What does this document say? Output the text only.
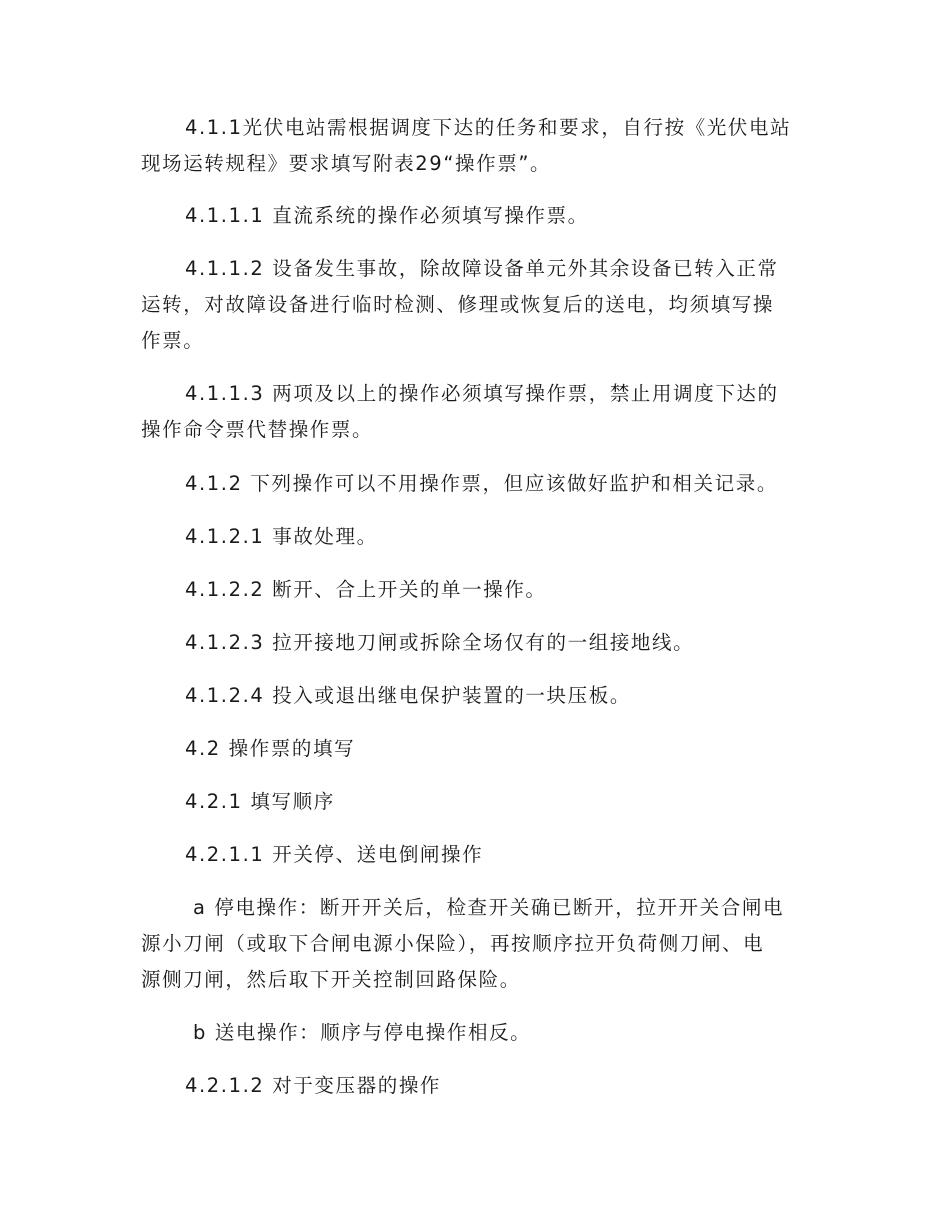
4.1.1光伏电站需根据调度下达的任务和要求，自行按《光伏电站
现场运转规程》要求填写附表29“操作票”。
4.1.1.1 直流系统的操作必须填写操作票。
4.1.1.2 设备发生事故，除故障设备单元外其余设备已转入正常
运转，对故障设备进行临时检测、修理或恢复后的送电，均须填写操
作票。
4.1.1.3 两项及以上的操作必须填写操作票，禁止用调度下达的
操作命令票代替操作票。
4.1.2 下列操作可以不用操作票，但应该做好监护和相关记录。
4.1.2.1 事故处理。
4.1.2.2 断开、合上开关的单一操作。
4.1.2.3 拉开接地刀闸或拆除全场仅有的一组接地线。
4.1.2.4 投入或退出继电保护装置的一块压板。
4.2 操作票的填写
4.2.1 填写顺序
4.2.1.1 开关停、送电倒闸操作
a 停电操作：断开开关后，检查开关确已断开，拉开开关合闸电
源小刀闸（或取下合闸电源小保险），再按顺序拉开负荷侧刀闸、电
源侧刀闸，然后取下开关控制回路保险。
b 送电操作：顺序与停电操作相反。
4.2.1.2 对于变压器的操作
